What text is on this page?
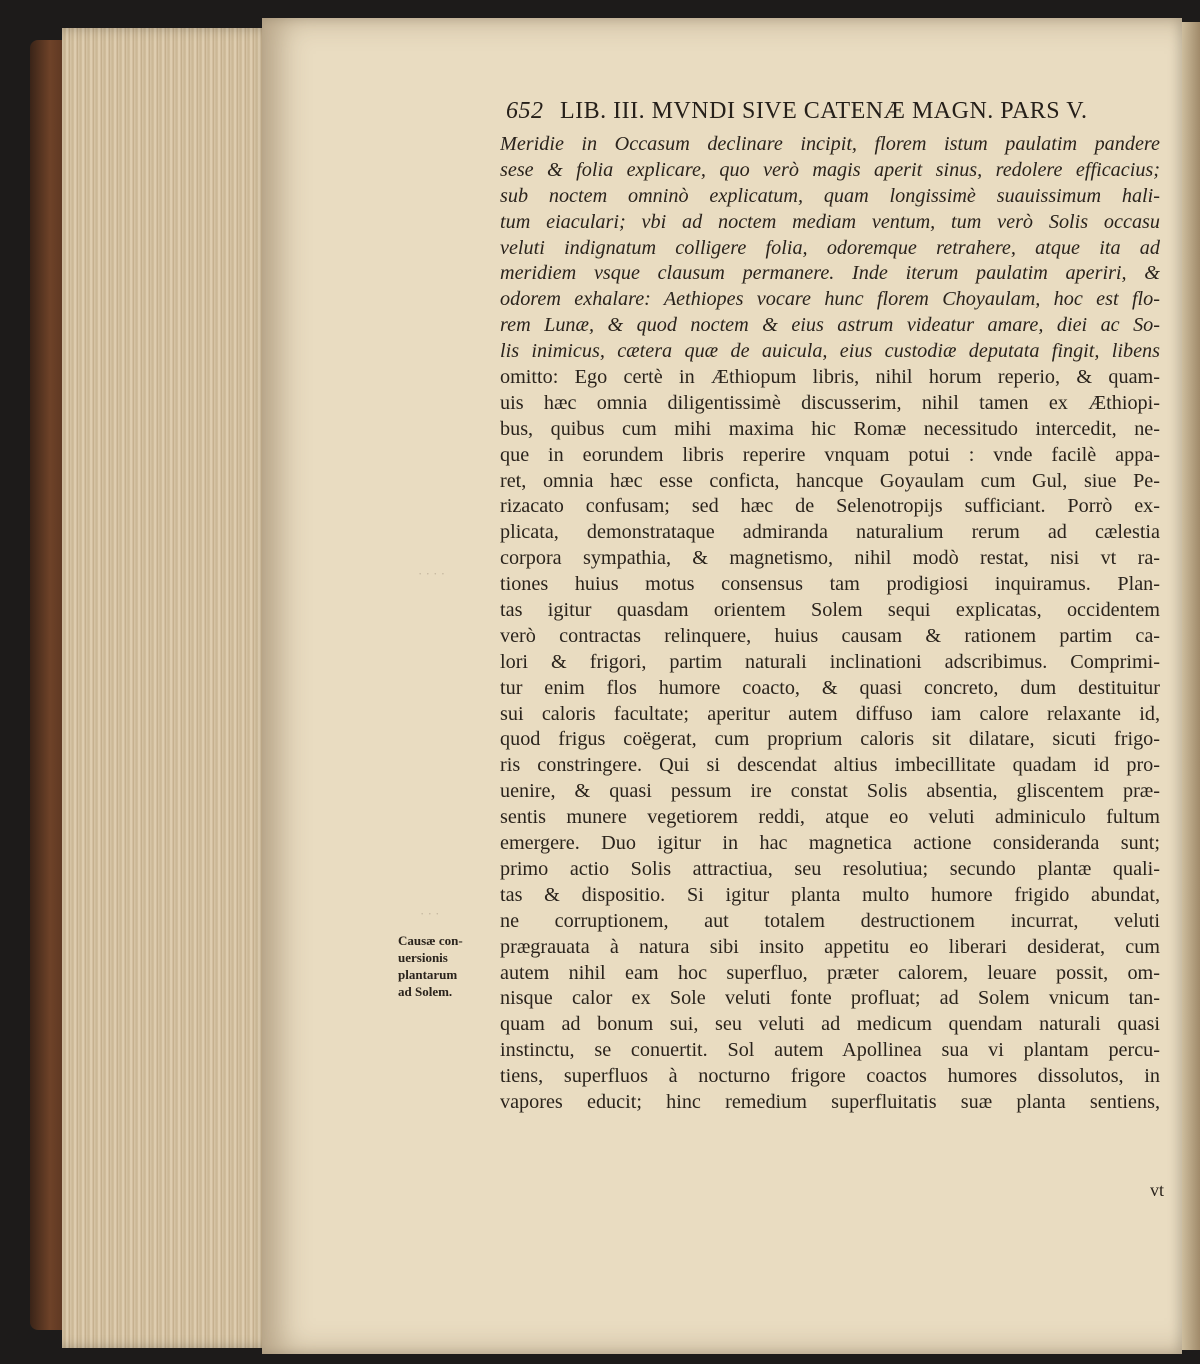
652 LIB. III. MVNDI SIVE CATENÆ MAGN. PARS V.
Meridie in Occasum declinare incipit, florem istum paulatim pandere
sese & folia explicare, quo verò magis aperit sinus, redolere efficacius;
sub noctem omninò explicatum, quam longissimè suauissimum hali-
tum eiaculari; vbi ad noctem mediam ventum, tum verò Solis occasu
veluti indignatum colligere folia, odoremque retrahere, atque ita ad
meridiem vsque clausum permanere. Inde iterum paulatim aperiri, &
odorem exhalare: Aethiopes vocare hunc florem Choyaulam, hoc est flo-
rem Lunæ, & quod noctem & eius astrum videatur amare, diei ac So-
lis inimicus, cætera quæ de auicula, eius custodiæ deputata fingit, libens
omitto: Ego certè in Æthiopum libris, nihil horum reperio, & quam-
uis hæc omnia diligentissimè discusserim, nihil tamen ex Æthiopi-
bus, quibus cum mihi maxima hic Romæ necessitudo intercedit, ne-
que in eorundem libris reperire vnquam potui : vnde facilè appa-
ret, omnia hæc esse conficta, hancque Goyaulam cum Gul, siue Pe-
rizacato confusam; sed hæc de Selenotropijs sufficiant. Porrò ex-
plicata, demonstrataque admiranda naturalium rerum ad cælestia
corpora sympathia, & magnetismo, nihil modò restat, nisi vt ra-
tiones huius motus consensus tam prodigiosi inquiramus. Plan-
tas igitur quasdam orientem Solem sequi explicatas, occidentem
verò contractas relinquere, huius causam & rationem partim ca-
lori & frigori, partim naturali inclinationi adscribimus. Comprimi-
tur enim flos humore coacto, & quasi concreto, dum destituitur
sui caloris facultate; aperitur autem diffuso iam calore relaxante id,
quod frigus coëgerat, cum proprium caloris sit dilatare, sicuti frigo-
ris constringere. Qui si descendat altius imbecillitate quadam id pro-
uenire, & quasi pessum ire constat Solis absentia, gliscentem præ-
sentis munere vegetiorem reddi, atque eo veluti adminiculo fultum
emergere. Duo igitur in hac magnetica actione consideranda sunt;
primo actio Solis attractiua, seu resolutiua; secundo plantæ quali-
tas & dispositio. Si igitur planta multo humore frigido abundat,
ne corruptionem, aut totalem destructionem incurrat, veluti
prægrauata à natura sibi insito appetitu eo liberari desiderat, cum
autem nihil eam hoc superfluo, præter calorem, leuare possit, om-
nisque calor ex Sole veluti fonte profluat; ad Solem vnicum tan-
quam ad bonum sui, seu veluti ad medicum quendam naturali quasi
instinctu, se conuertit. Sol autem Apollinea sua vi plantam percu-
tiens, superfluos à nocturno frigore coactos humores dissolutos, in
vapores educit; hinc remedium superfluitatis suæ planta sentiens,
Causæ con-
uersionis
plantarum
ad Solem.
· · · ·
· · ·
vt
